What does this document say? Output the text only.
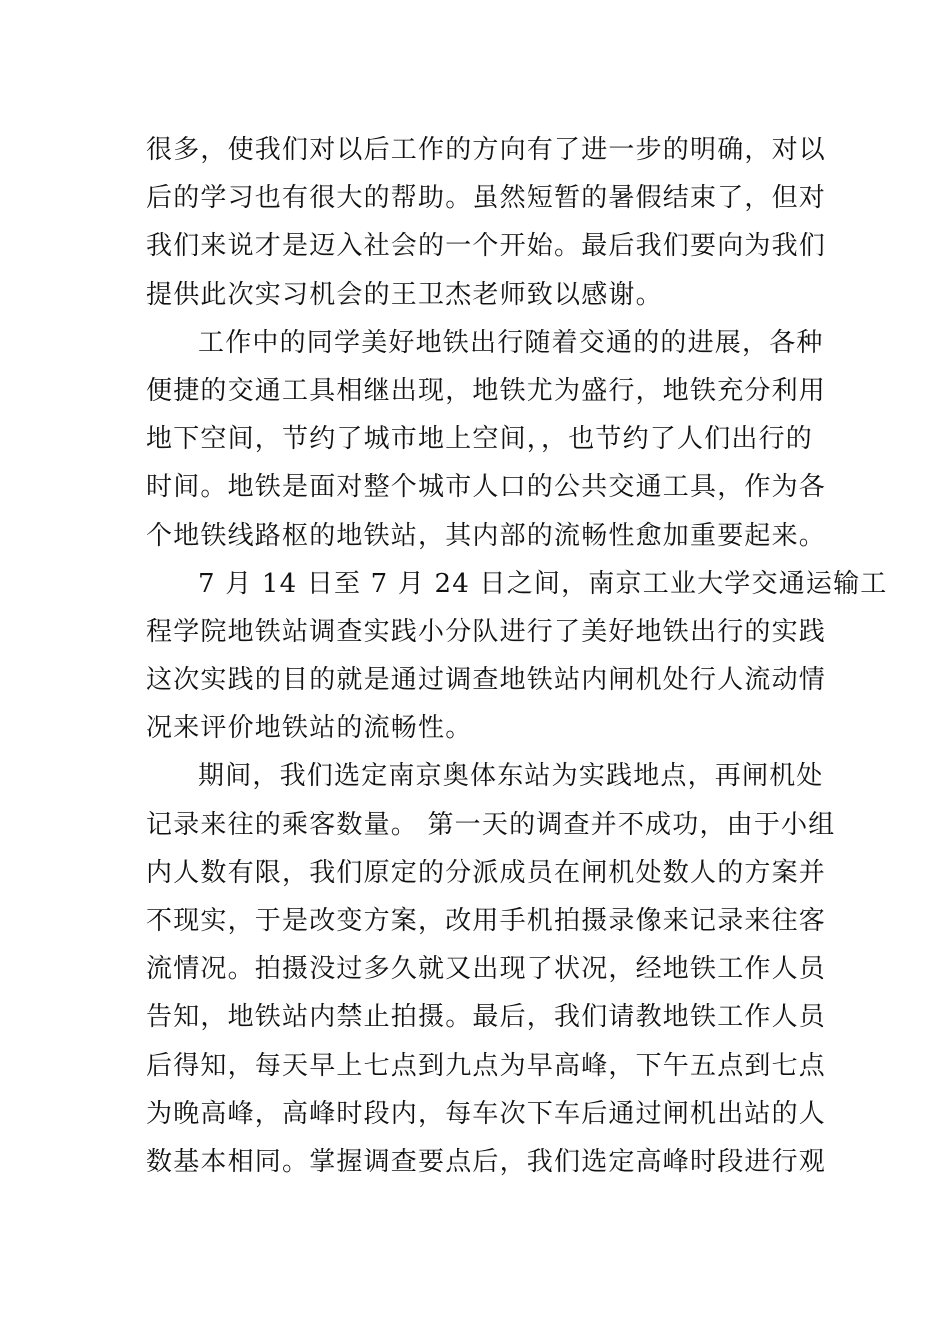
很多，使我们对以后工作的方向有了进一步的明确，对以
后的学习也有很大的帮助。虽然短暂的暑假结束了，但对
我们来说才是迈入社会的一个开始。最后我们要向为我们
提供此次实习机会的王卫杰老师致以感谢。
工作中的同学美好地铁出行随着交通的的进展，各种
便捷的交通工具相继出现，地铁尤为盛行，地铁充分利用
地下空间，节约了城市地上空间，，也节约了人们出行的
时间。地铁是面对整个城市人口的公共交通工具，作为各
个地铁线路枢的地铁站，其内部的流畅性愈加重要起来。
7 月 14 日至 7 月 24 日之间，南京工业大学交通运输工
程学院地铁站调查实践小分队进行了美好地铁出行的实践
这次实践的目的就是通过调查地铁站内闸机处行人流动情
况来评价地铁站的流畅性。
期间，我们选定南京奥体东站为实践地点，再闸机处
记录来往的乘客数量。 第一天的调查并不成功，由于小组
内人数有限，我们原定的分派成员在闸机处数人的方案并
不现实，于是改变方案，改用手机拍摄录像来记录来往客
流情况。拍摄没过多久就又出现了状况，经地铁工作人员
告知，地铁站内禁止拍摄。最后，我们请教地铁工作人员
后得知，每天早上七点到九点为早高峰，下午五点到七点
为晚高峰，高峰时段内，每车次下车后通过闸机出站的人
数基本相同。掌握调查要点后，我们选定高峰时段进行观
